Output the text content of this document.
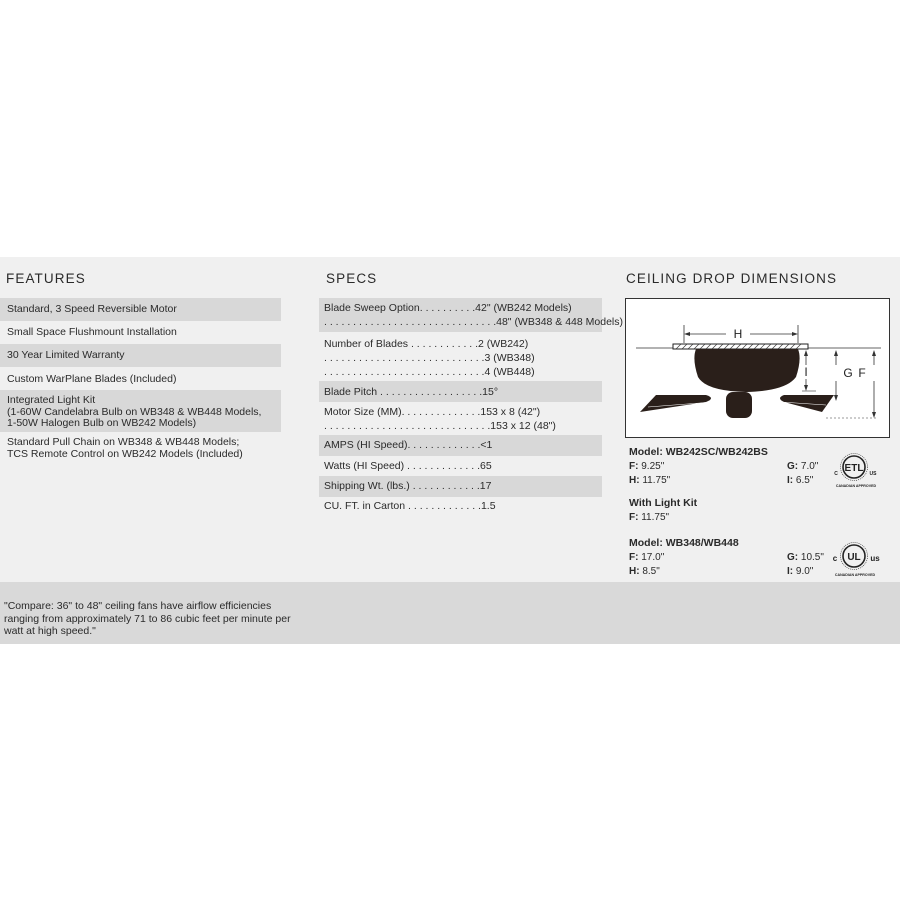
FEATURES	SPECS	CEILING DROP DIMENSIONS
Standard, 3 Speed Reversible Motor
Small Space Flushmount Installation
30 Year Limited Warranty
Custom WarPlane Blades (Included)
Integrated Light Kit
(1-60W Candelabra Bulb on WB348 & WB448 Models,
1-50W Halogen Bulb on WB242 Models)
Standard Pull Chain on WB348 & WB448 Models;
TCS Remote Control on WB242 Models (Included)
Blade Sweep Option. . . . . . . . . .42" (WB242 Models)
. . . . . . . . . . . . . . . . . . . . . . . . . . . . . .48" (WB348 & 448 Models)
Number of Blades . . . . . . . . . . . .2 (WB242)
. . . . . . . . . . . . . . . . . . . . . . . . . . . .3 (WB348)
. . . . . . . . . . . . . . . . . . . . . . . . . . . .4 (WB448)
Blade Pitch . . . . . . . . . . . . . . . . . .15°
Motor Size (MM). . . . . . . . . . . . . .153 x 8 (42")
. . . . . . . . . . . . . . . . . . . . . . . . . . . . .153 x 12 (48")
AMPS (HI Speed). . . . . . . . . . . . .<1
Watts (HI Speed) . . . . . . . . . . . . .65
Shipping Wt. (lbs.) . . . . . . . . . . . .17
CU. FT. in Carton . . . . . . . . . . . . .1.5
H
I	G F
Model: WB242SC/WB242BS
F: 9.25"
H: 11.75"
G: 7.0"
I: 6.5"
With Light Kit
F: 11.75"
Model: WB348/WB448
F: 17.0"
H: 8.5"
G: 10.5"
I: 9.0"
ETL
C	US
CANADIAN APPROVED
UL
c	us
CANADIAN APPROVED

"Compare: 36" to 48" ceiling fans have airflow efficiencies ranging from approximately 71 to 86 cubic feet per minute per watt at high speed."
